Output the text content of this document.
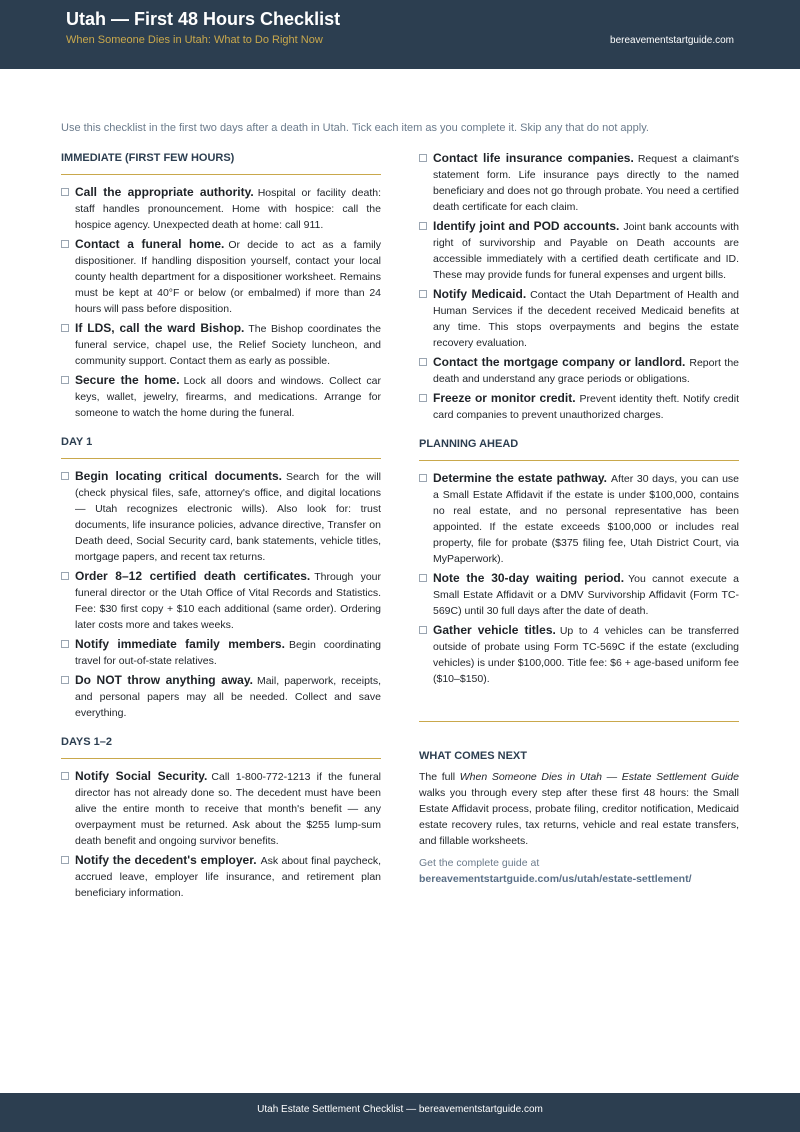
Utah — First 48 Hours Checklist
When Someone Dies in Utah: What to Do Right Now	bereavementstartguide.com
Use this checklist in the first two days after a death in Utah. Tick each item as you complete it. Skip any that do not apply.
IMMEDIATE (FIRST FEW HOURS)
Call the appropriate authority. Hospital or facility death: staff handles pronouncement. Home with hospice: call the hospice agency. Unexpected death at home: call 911.
Contact a funeral home. Or decide to act as a family dispositioner. If handling disposition yourself, contact your local county health department for a dispositioner worksheet. Remains must be kept at 40°F or below (or embalmed) if more than 24 hours will pass before disposition.
If LDS, call the ward Bishop. The Bishop coordinates the funeral service, chapel use, the Relief Society luncheon, and community support. Contact them as early as possible.
Secure the home. Lock all doors and windows. Collect car keys, wallet, jewelry, firearms, and medications. Arrange for someone to watch the home during the funeral.
DAY 1
Begin locating critical documents. Search for the will (check physical files, safe, attorney's office, and digital locations — Utah recognizes electronic wills). Also look for: trust documents, life insurance policies, advance directive, Transfer on Death deed, Social Security card, bank statements, vehicle titles, mortgage papers, and recent tax returns.
Order 8–12 certified death certificates. Through your funeral director or the Utah Office of Vital Records and Statistics. Fee: $30 first copy + $10 each additional (same order). Ordering later costs more and takes weeks.
Notify immediate family members. Begin coordinating travel for out-of-state relatives.
Do NOT throw anything away. Mail, paperwork, receipts, and personal papers may all be needed. Collect and save everything.
DAYS 1–2
Notify Social Security. Call 1-800-772-1213 if the funeral director has not already done so. The decedent must have been alive the entire month to receive that month's benefit — any overpayment must be returned. Ask about the $255 lump-sum death benefit and ongoing survivor benefits.
Notify the decedent's employer. Ask about final paycheck, accrued leave, employer life insurance, and retirement plan beneficiary information.
Contact life insurance companies. Request a claimant's statement form. Life insurance pays directly to the named beneficiary and does not go through probate. You need a certified death certificate for each claim.
Identify joint and POD accounts. Joint bank accounts with right of survivorship and Payable on Death accounts are accessible immediately with a certified death certificate and ID. These may provide funds for funeral expenses and urgent bills.
Notify Medicaid. Contact the Utah Department of Health and Human Services if the decedent received Medicaid benefits at any time. This stops overpayments and begins the estate recovery evaluation.
Contact the mortgage company or landlord. Report the death and understand any grace periods or obligations.
Freeze or monitor credit. Prevent identity theft. Notify credit card companies to prevent unauthorized charges.
PLANNING AHEAD
Determine the estate pathway. After 30 days, you can use a Small Estate Affidavit if the estate is under $100,000, contains no real estate, and no personal representative has been appointed. If the estate exceeds $100,000 or includes real property, file for probate ($375 filing fee, Utah District Court, via MyPaperwork).
Note the 30-day waiting period. You cannot execute a Small Estate Affidavit or a DMV Survivorship Affidavit (Form TC-569C) until 30 full days after the date of death.
Gather vehicle titles. Up to 4 vehicles can be transferred outside of probate using Form TC-569C if the estate (excluding vehicles) is under $100,000. Title fee: $6 + age-based uniform fee ($10–$150).
WHAT COMES NEXT
The full When Someone Dies in Utah — Estate Settlement Guide walks you through every step after these first 48 hours: the Small Estate Affidavit process, probate filing, creditor notification, Medicaid estate recovery rules, tax returns, vehicle and real estate transfers, and fillable worksheets.
Get the complete guide at
bereavementstartguide.com/us/utah/estate-settlement/
Utah Estate Settlement Checklist — bereavementstartguide.com
